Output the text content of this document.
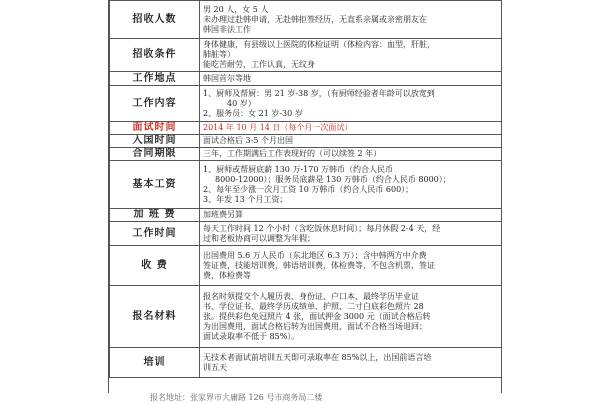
招收人数	男 20 人，女 5 人
未办理过赴韩申请，无赴韩拒签经历，无直系亲属或亲密朋友在
韩国非法工作

招收条件	身体健康，有县级以上医院的体检证明（体检内容：血型，肝脏，
肺脏等）
能吃苦耐劳，工作认真，无纹身

工作地点	韩国首尔等地

工作内容	1、厨师及帮厨：男 21 岁-38 岁，（有厨师经验者年龄可以放宽到
40 岁）
2、服务员：女 21 岁-30 岁

面试时间	2014 年 10 月 14 日（每个月一次面试）

入国时间	面试合格后 3-5 个月出国

合同期限	三年，工作期满后工作表现好的（可以续签 2 年）

基本工资	1、厨师或帮厨底薪 130 万-170 万韩币（约合人民币
8000-12000）；服务员底薪是 130 万韩币（约合人民币 8000）；
2、每年至少涨一次月工资 10 万韩币（约合人民币 600）；
3、年发 13 个月工资；

加 班 费	加班费另算

工作时间	每天工作时间 12 个小时（含吃饭休息时间）；每月休假 2-4 天，经
过和老板协商可以调整为年假；

收 费	出国费用 5.6 万人民币（东北地区 6.3 万）；含中韩两方中介费
签证费，技能培训费，韩语培训费，体检费等，不包含机票，签证
费，体检费等

报名材料	报名时须提交个人履历表、身份证、户口本、最终学历毕业证
书、学位证书、最终学历成绩单、护照、二寸白底彩色照片 28
张。提供彩色免冠照片 4 张，面试押金 3000 元（面试合格后转
为出国费用，面试合格后转为出国费用，面试不合格当场退回；
面试录取率不低于 85%）。

培训	无技术者面试前培训五天即可录取率在 85%以上，出国前语言培
训五天
报名地址：张家界市大庸路 126 号市商务局二楼
